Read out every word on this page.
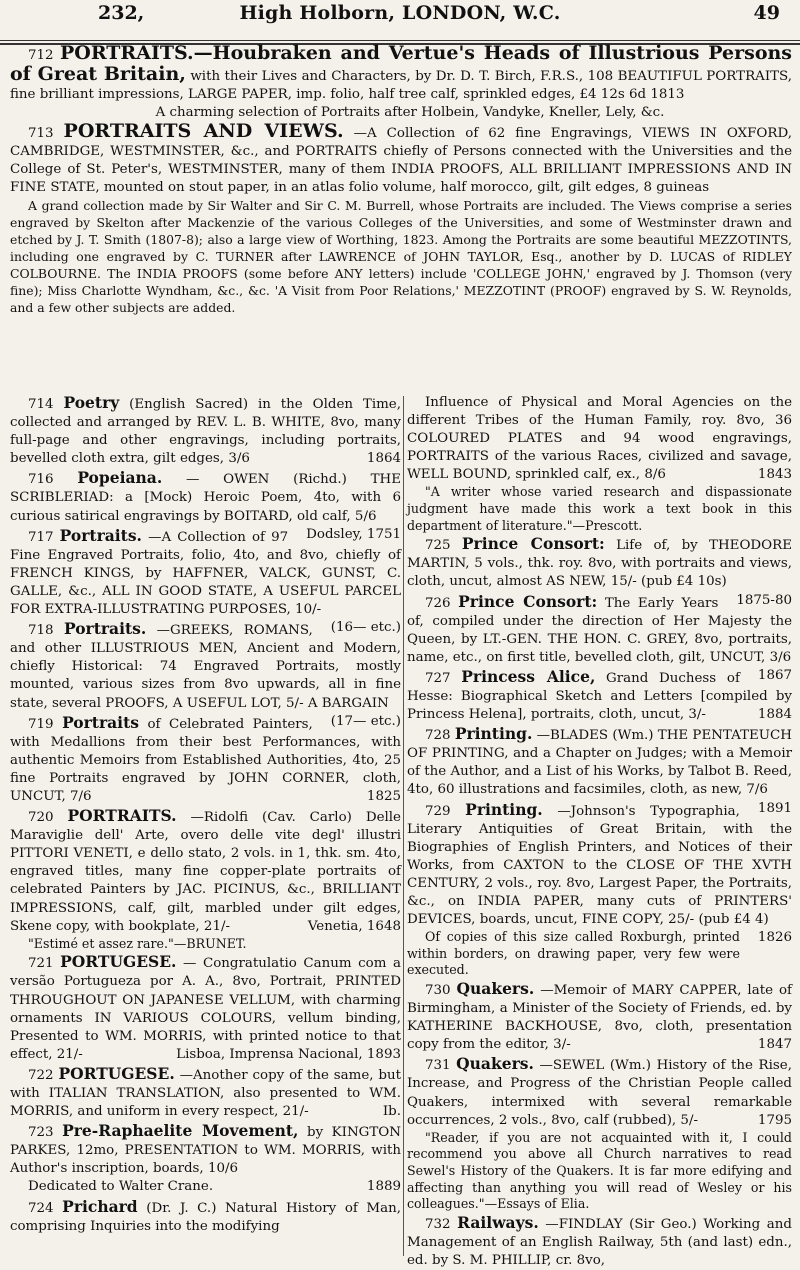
232,	High Holborn, LONDON, W.C.	49

712 PORTRAITS.—Houbraken and Vertue's Heads of Illustrious Persons of Great Britain, with their Lives and Characters, by Dr. D. T. Birch, F.R.S., 108 BEAUTIFUL PORTRAITS, fine brilliant impressions, LARGE PAPER, imp. folio, half tree calf, sprinkled edges, £4 12s 6d 1813

A charming selection of Portraits after Holbein, Vandyke, Kneller, Lely, &c.

713 PORTRAITS AND VIEWS. —A Collection of 62 fine Engravings, VIEWS IN OXFORD, CAMBRIDGE, WESTMINSTER, &c., and PORTRAITS chiefly of Persons connected with the Universities and the College of St. Peter's, WESTMINSTER, many of them INDIA PROOFS, ALL BRILLIANT IMPRESSIONS AND IN FINE STATE, mounted on stout paper, in an atlas folio volume, half morocco, gilt, gilt edges, 8 guineas

A grand collection made by Sir Walter and Sir C. M. Burrell, whose Portraits are included. The Views comprise a series engraved by Skelton after Mackenzie of the various Colleges of the Universities, and some of Westminster drawn and etched by J. T. Smith (1807-8); also a large view of Worthing, 1823. Among the Portraits are some beautiful MEZZOTINTS, including one engraved by C. TURNER after LAWRENCE of JOHN TAYLOR, Esq., another by D. LUCAS of RIDLEY COLBOURNE. The INDIA PROOFS (some before ANY letters) include 'COLLEGE JOHN,' engraved by J. Thomson (very fine); Miss Charlotte Wyndham, &c., &c. 'A Visit from Poor Relations,' MEZZOTINT (PROOF) engraved by S. W. Reynolds, and a few other subjects are added.

714 Poetry (English Sacred) in the Olden Time, collected and arranged by REV. L. B. WHITE, 8vo, many full-page and other engravings, including portraits, bevelled cloth extra, gilt edges, 3/6	1864

716 Popeiana. — OWEN (Richd.) THE SCRIBLERIAD: a [Mock) Heroic Poem, 4to, with 6 curious satirical engravings by BOITARD, old calf, 5/6
Dodsley, 1751

717 Portraits. —A Collection of 97 Fine Engraved Portraits, folio, 4to, and 8vo, chiefly of FRENCH KINGS, by HAFFNER, VALCK, GUNST, C. GALLE, &c., ALL IN GOOD STATE, A USEFUL PARCEL FOR EXTRA-ILLUSTRATING PURPOSES, 10/-
(16— etc.)

718 Portraits. —GREEKS, ROMANS, and other ILLUSTRIOUS MEN, Ancient and Modern, chiefly Historical: 74 Engraved Portraits, mostly mounted, various sizes from 8vo upwards, all in fine state, several PROOFS, A USEFUL LOT, 5/- A BARGAIN
(17— etc.)

719 Portraits of Celebrated Painters, with Medallions from their best Performances, with authentic Memoirs from Established Authorities, 4to, 25 fine Portraits engraved by JOHN CORNER, cloth, UNCUT, 7/6	1825

720 PORTRAITS. —Ridolfi (Cav. Carlo) Delle Maraviglie dell' Arte, overo delle vite degl' illustri PITTORI VENETI, e dello stato, 2 vols. in 1, thk. sm. 4to, engraved titles, many fine copper-plate portraits of celebrated Painters by JAC. PICINUS, &c., BRILLIANT IMPRESSIONS, calf, gilt, marbled under gilt edges, Skene copy, with bookplate, 21/-	Venetia, 1648

"Estimé et assez rare."—BRUNET.

721 PORTUGESE. — Congratulatio Canum com a versão Portugueza por A. A., 8vo, Portrait, PRINTED THROUGHOUT ON JAPANESE VELLUM, with charming ornaments IN VARIOUS COLOURS, vellum binding, Presented to WM. MORRIS, with printed notice to that effect, 21/-	Lisboa, Imprensa Nacional, 1893

722 PORTUGESE. —Another copy of the same, but with ITALIAN TRANSLATION, also presented to WM. MORRIS, and uniform in every respect, 21/-	Ib.

723 Pre-Raphaelite Movement, by KINGTON PARKES, 12mo, PRESENTATION to WM. MORRIS, with Author's inscription, boards, 10/6

Dedicated to Walter Crane.	1889

724 Prichard (Dr. J. C.) Natural History of Man, comprising Inquiries into the modifying

Influence of Physical and Moral Agencies on the different Tribes of the Human Family, roy. 8vo, 36 COLOURED PLATES and 94 wood engravings, PORTRAITS of the various Races, civilized and savage, WELL BOUND, sprinkled calf, ex., 8/6	1843

"A writer whose varied research and dispassionate judgment have made this work a text book in this department of literature."—Prescott.

725 Prince Consort: Life of, by THEODORE MARTIN, 5 vols., thk. roy. 8vo, with portraits and views, cloth, uncut, almost AS NEW, 15/- (pub £4 10s)
1875-80

726 Prince Consort: The Early Years of, compiled under the direction of Her Majesty the Queen, by LT.-GEN. THE HON. C. GREY, 8vo, portraits, name, etc., on first title, bevelled cloth, gilt, UNCUT, 3/6
1867

727 Princess Alice, Grand Duchess of Hesse: Biographical Sketch and Letters [compiled by Princess Helena], portraits, cloth, uncut, 3/-	1884

728 Printing. —BLADES (Wm.) THE PENTATEUCH OF PRINTING, and a Chapter on Judges; with a Memoir of the Author, and a List of his Works, by Talbot B. Reed, 4to, 60 illustrations and facsimiles, cloth, as new, 7/6
1891

729 Printing. —Johnson's Typographia, Literary Antiquities of Great Britain, with the Biographies of English Printers, and Notices of their Works, from CAXTON to the CLOSE OF THE XVTH CENTURY, 2 vols., roy. 8vo, Largest Paper, the Portraits, &c., on INDIA PAPER, many cuts of PRINTERS' DEVICES, boards, uncut, FINE COPY, 25/- (pub £4 4)
1826

Of copies of this size called Roxburgh, printed within borders, on drawing paper, very few were executed.

730 Quakers. —Memoir of MARY CAPPER, late of Birmingham, a Minister of the Society of Friends, ed. by KATHERINE BACKHOUSE, 8vo, cloth, presentation copy from the editor, 3/-	1847

731 Quakers. —SEWEL (Wm.) History of the Rise, Increase, and Progress of the Christian People called Quakers, intermixed with several remarkable occurrences, 2 vols., 8vo, calf (rubbed), 5/-	1795

"Reader, if you are not acquainted with it, I could recommend you above all Church narratives to read Sewel's History of the Quakers. It is far more edifying and affecting than anything you will read of Wesley or his colleagues."—Essays of Elia.

732 Railways. —FINDLAY (Sir Geo.) Working and Management of an English Railway, 5th (and last) edn., ed. by S. M. PHILLIP, cr. 8vo,
